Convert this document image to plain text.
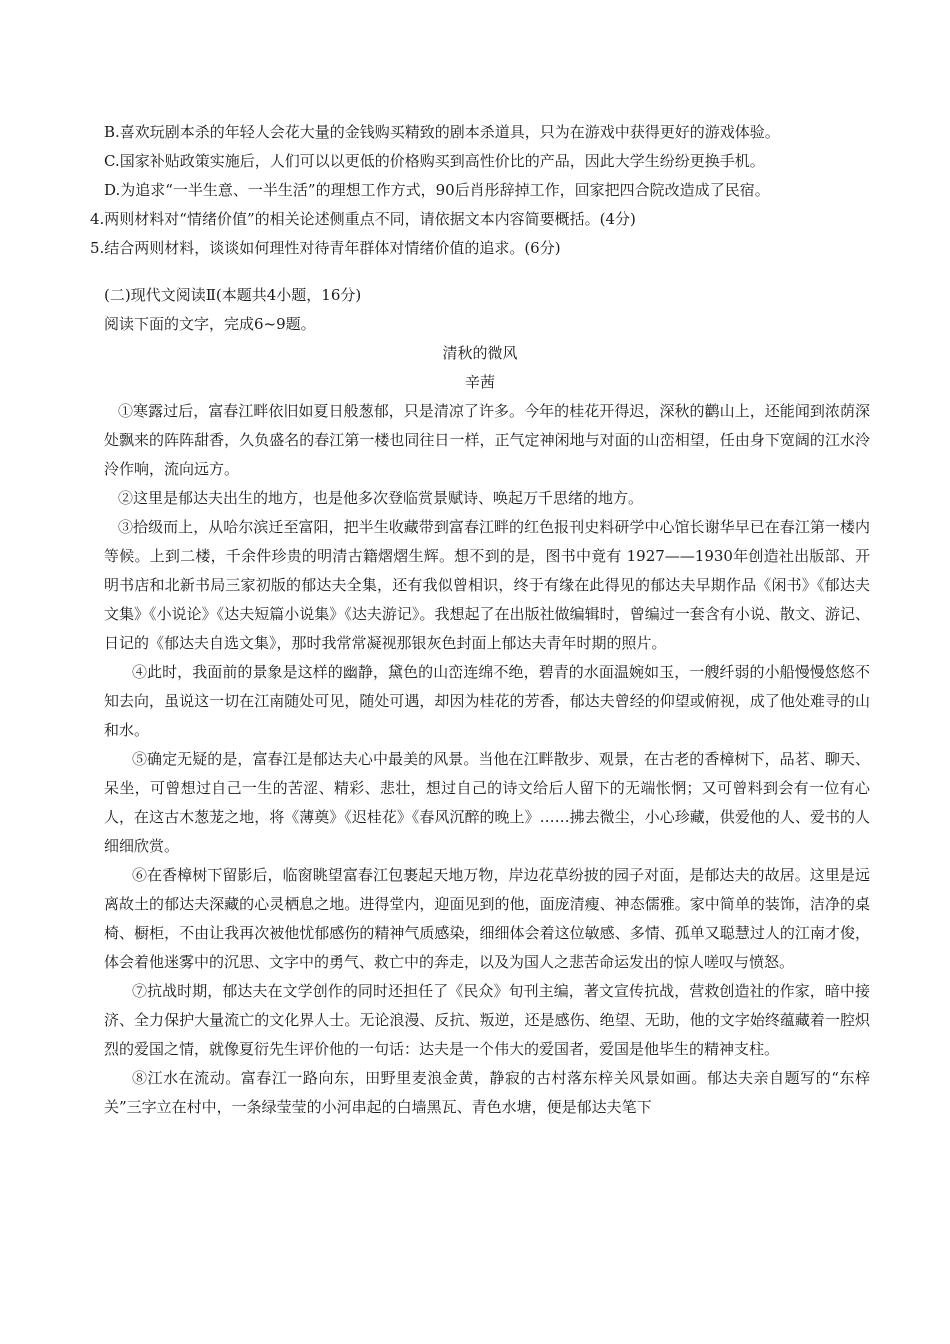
B.喜欢玩剧本杀的年轻人会花大量的金钱购买精致的剧本杀道具，只为在游戏中获得更好的游戏体验。
C.国家补贴政策实施后，人们可以以更低的价格购买到高性价比的产品，因此大学生纷纷更换手机。
D.为追求“一半生意、一半生活”的理想工作方式，90后肖彤辞掉工作，回家把四合院改造成了民宿。
4.两则材料对“情绪价值”的相关论述侧重点不同，请依据文本内容简要概括。(4分)
5.结合两则材料，谈谈如何理性对待青年群体对情绪价值的追求。(6分)
(二)现代文阅读Ⅱ(本题共4小题，16分)
阅读下面的文字，完成6~9题。
清秋的微风
辛茜
①寒露过后，富春江畔依旧如夏日般葱郁，只是清凉了许多。今年的桂花开得迟，深秋的鹳山上，还能闻到浓荫深处飘来的阵阵甜香，久负盛名的春江第一楼也同往日一样，正气定神闲地与对面的山峦相望，任由身下宽阔的江水泠泠作响，流向远方。
②这里是郁达夫出生的地方，也是他多次登临赏景赋诗、唤起万千思绪的地方。
③拾级而上，从哈尔滨迁至富阳，把半生收藏带到富春江畔的红色报刊史料研学中心馆长谢华早已在春江第一楼内等候。上到二楼，千余件珍贵的明清古籍熠熠生辉。想不到的是，图书中竟有 1927——1930年创造社出版部、开明书店和北新书局三家初版的郁达夫全集，还有我似曾相识，终于有缘在此得见的郁达夫早期作品《闲书》《郁达夫文集》《小说论》《达夫短篇小说集》《达夫游记》。我想起了在出版社做编辑时，曾编过一套含有小说、散文、游记、日记的《郁达夫自选文集》，那时我常常凝视那银灰色封面上郁达夫青年时期的照片。
④此时，我面前的景象是这样的幽静，黛色的山峦连绵不绝，碧青的水面温婉如玉，一艘纤弱的小船慢慢悠悠不知去向，虽说这一切在江南随处可见，随处可遇，却因为桂花的芳香，郁达夫曾经的仰望或俯视，成了他处难寻的山和水。
⑤确定无疑的是，富春江是郁达夫心中最美的风景。当他在江畔散步、观景，在古老的香樟树下，品茗、聊天、呆坐，可曾想过自己一生的苦涩、精彩、悲壮，想过自己的诗文给后人留下的无端怅惘；又可曾料到会有一位有心人，在这古木葱茏之地，将《薄奠》《迟桂花》《春风沉醉的晚上》……拂去微尘，小心珍藏，供爱他的人、爱书的人细细欣赏。
⑥在香樟树下留影后，临窗眺望富春江包裹起天地万物，岸边花草纷披的园子对面，是郁达夫的故居。这里是远离故土的郁达夫深藏的心灵栖息之地。进得堂内，迎面见到的他，面庞清瘦、神态儒雅。家中简单的装饰，洁净的桌椅、橱柜，不由让我再次被他忧郁感伤的精神气质感染，细细体会着这位敏感、多情、孤单又聪慧过人的江南才俊，体会着他迷雾中的沉思、文字中的勇气、救亡中的奔走，以及为国人之悲苦命运发出的惊人嗟叹与愤怒。
⑦抗战时期，郁达夫在文学创作的同时还担任了《民众》旬刊主编，著文宣传抗战，营救创造社的作家，暗中接济、全力保护大量流亡的文化界人士。无论浪漫、反抗、叛逆，还是感伤、绝望、无助，他的文字始终蕴藏着一腔炽烈的爱国之情，就像夏衍先生评价他的一句话：达夫是一个伟大的爱国者，爱国是他毕生的精神支柱。
⑧江水在流动。富春江一路向东，田野里麦浪金黄，静寂的古村落东梓关风景如画。郁达夫亲自题写的“东梓关”三字立在村中，一条绿莹莹的小河串起的白墙黑瓦、青色水塘，便是郁达夫笔下
